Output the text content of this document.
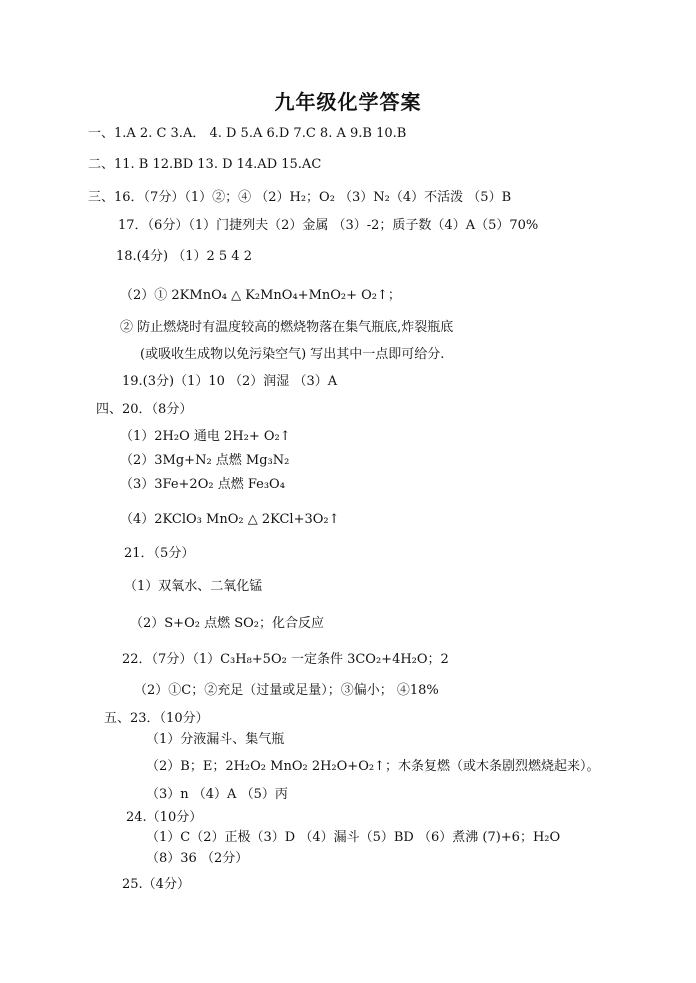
九年级化学答案
一、1.A 2. C 3.A． 4. D 5.A 6.D 7.C 8. A 9.B 10.B
二、11. B 12.BD 13. D 14.AD 15.AC
三、16．（7分）（1）②；④ （2）H₂；O₂ （3）N₂（4）不活泼 （5）B
17．（6分）（1）门捷列夫（2）金属 （3）-2；质子数（4）A（5）70%
18.(4分) （1）2 5 4 2
（2）① 2KMnO₄ △ K₂MnO₄+MnO₂+ O₂↑；
② 防止燃烧时有温度较高的燃烧物落在集气瓶底,炸裂瓶底
(或吸收生成物以免污染空气) 写出其中一点即可给分.
19.(3分)（1）10 （2）润湿 （3）A
四、20．（8分）
（1）2H₂O 通电 2H₂+ O₂↑
（2）3Mg+N₂ 点燃 Mg₃N₂
（3）3Fe+2O₂ 点燃 Fe₃O₄
（4）2KClO₃ MnO₂ △ 2KCl+3O₂↑
21．（5分）
（1）双氧水、二氧化锰
（2）S+O₂ 点燃 SO₂；化合反应
22．（7分）（1）C₃H₈+5O₂ 一定条件 3CO₂+4H₂O；2
（2）①C；②充足（过量或足量）；③偏小； ④18%
五、23．（10分）
（1）分液漏斗、集气瓶
（2）B；E；2H₂O₂ MnO₂ 2H₂O+O₂↑；木条复燃（或木条剧烈燃烧起来）。
（3）n （4）A （5）丙
24.（10分）
（1）C（2）正极（3）D （4）漏斗（5）BD （6）煮沸 (7)+6；H₂O
（8）36 （2分）
25.（4分）
